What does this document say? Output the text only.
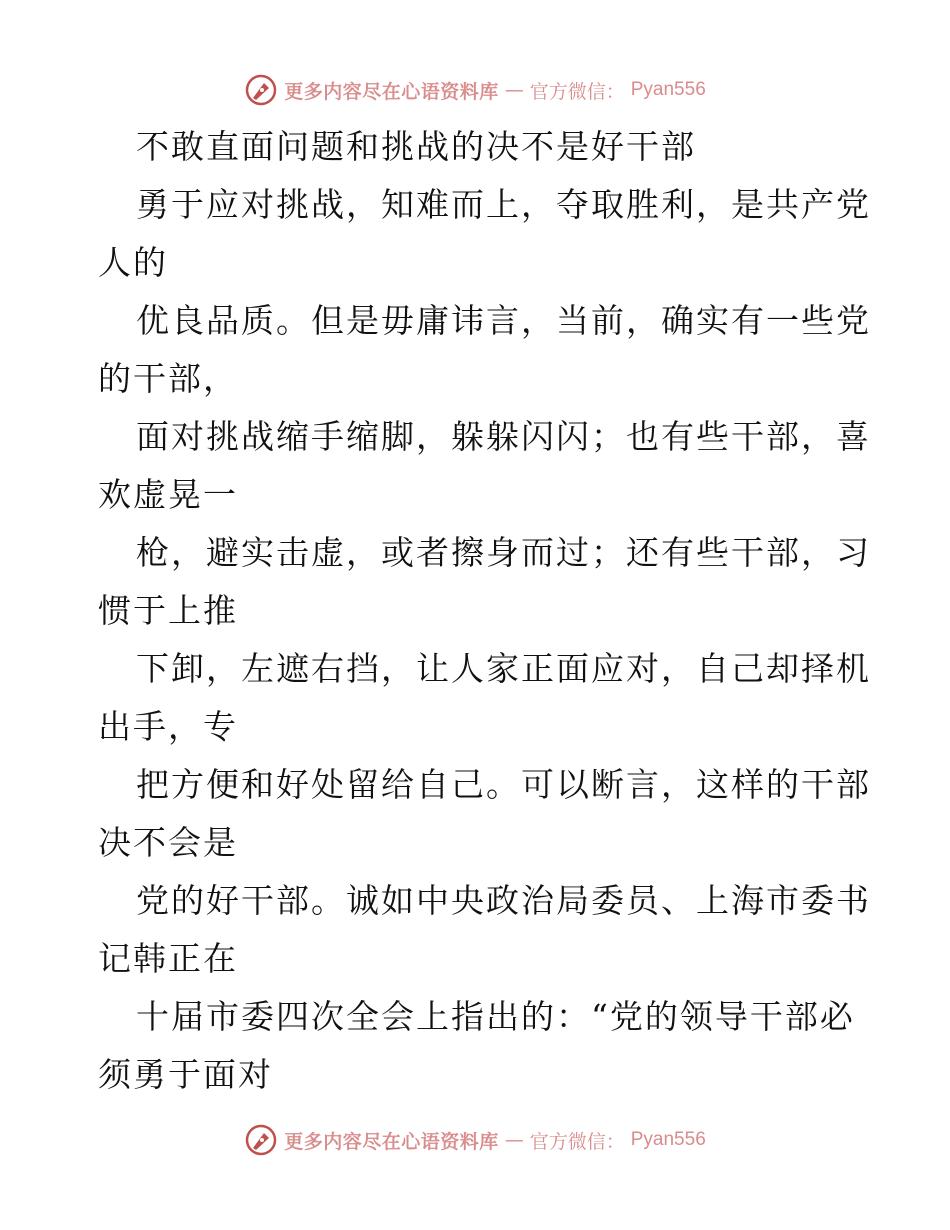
更多内容尽在心语资料库 — 官方微信： Pyan556
不敢直面问题和挑战的决不是好干部
勇于应对挑战，知难而上，夺取胜利，是共产党
人的
优良品质。但是毋庸讳言，当前，确实有一些党
的干部，
面对挑战缩手缩脚，躲躲闪闪；也有些干部，喜
欢虚晃一
枪，避实击虚，或者擦身而过；还有些干部，习
惯于上推
下卸，左遮右挡，让人家正面应对，自己却择机
出手，专
把方便和好处留给自己。可以断言，这样的干部
决不会是
党的好干部。诚如中央政治局委员、上海市委书
记韩正在
十届市委四次全会上指出的：“党的领导干部必
须勇于面对
更多内容尽在心语资料库 — 官方微信： Pyan556
